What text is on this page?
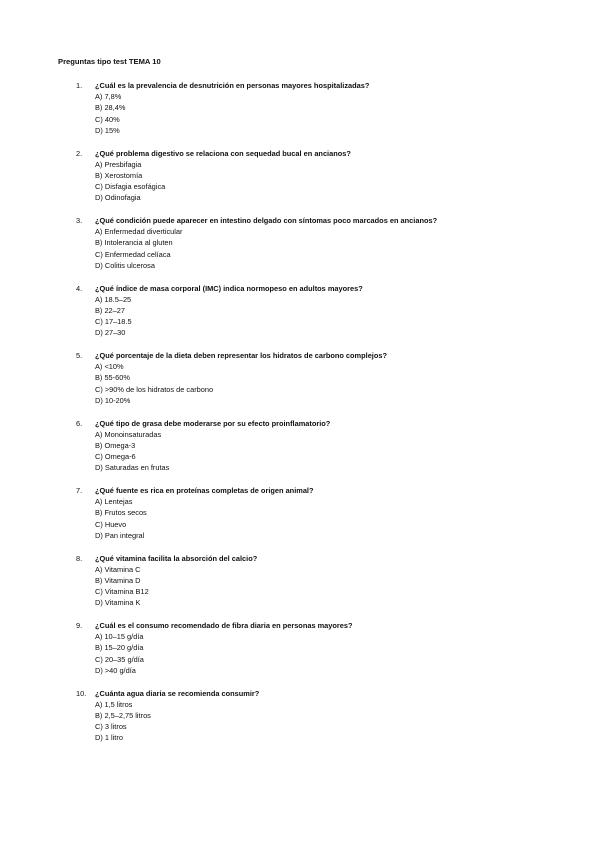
Preguntas tipo test TEMA 10
1. ¿Cuál es la prevalencia de desnutrición en personas mayores hospitalizadas?
A) 7,8%
B) 28,4%
C) 40%
D) 15%
2. ¿Qué problema digestivo se relaciona con sequedad bucal en ancianos?
A) Presbifagia
B) Xerostomía
C) Disfagia esofágica
D) Odinofagia
3. ¿Qué condición puede aparecer en intestino delgado con síntomas poco marcados en ancianos?
A) Enfermedad diverticular
B) Intolerancia al gluten
C) Enfermedad celíaca
D) Colitis ulcerosa
4. ¿Qué índice de masa corporal (IMC) indica normopeso en adultos mayores?
A) 18.5–25
B) 22–27
C) 17–18.5
D) 27–30
5. ¿Qué porcentaje de la dieta deben representar los hidratos de carbono complejos?
A) <10%
B) 55-60%
C) >90% de los hidratos de carbono
D) 10-20%
6. ¿Qué tipo de grasa debe moderarse por su efecto proinflamatorio?
A) Monoinsaturadas
B) Omega-3
C) Omega-6
D) Saturadas en frutas
7. ¿Qué fuente es rica en proteínas completas de origen animal?
A) Lentejas
B) Frutos secos
C) Huevo
D) Pan integral
8. ¿Qué vitamina facilita la absorción del calcio?
A) Vitamina C
B) Vitamina D
C) Vitamina B12
D) Vitamina K
9. ¿Cuál es el consumo recomendado de fibra diaria en personas mayores?
A) 10–15 g/día
B) 15–20 g/día
C) 20–35 g/día
D) >40 g/día
10. ¿Cuánta agua diaria se recomienda consumir?
A) 1,5 litros
B) 2,5–2,75 litros
C) 3 litros
D) 1 litro
